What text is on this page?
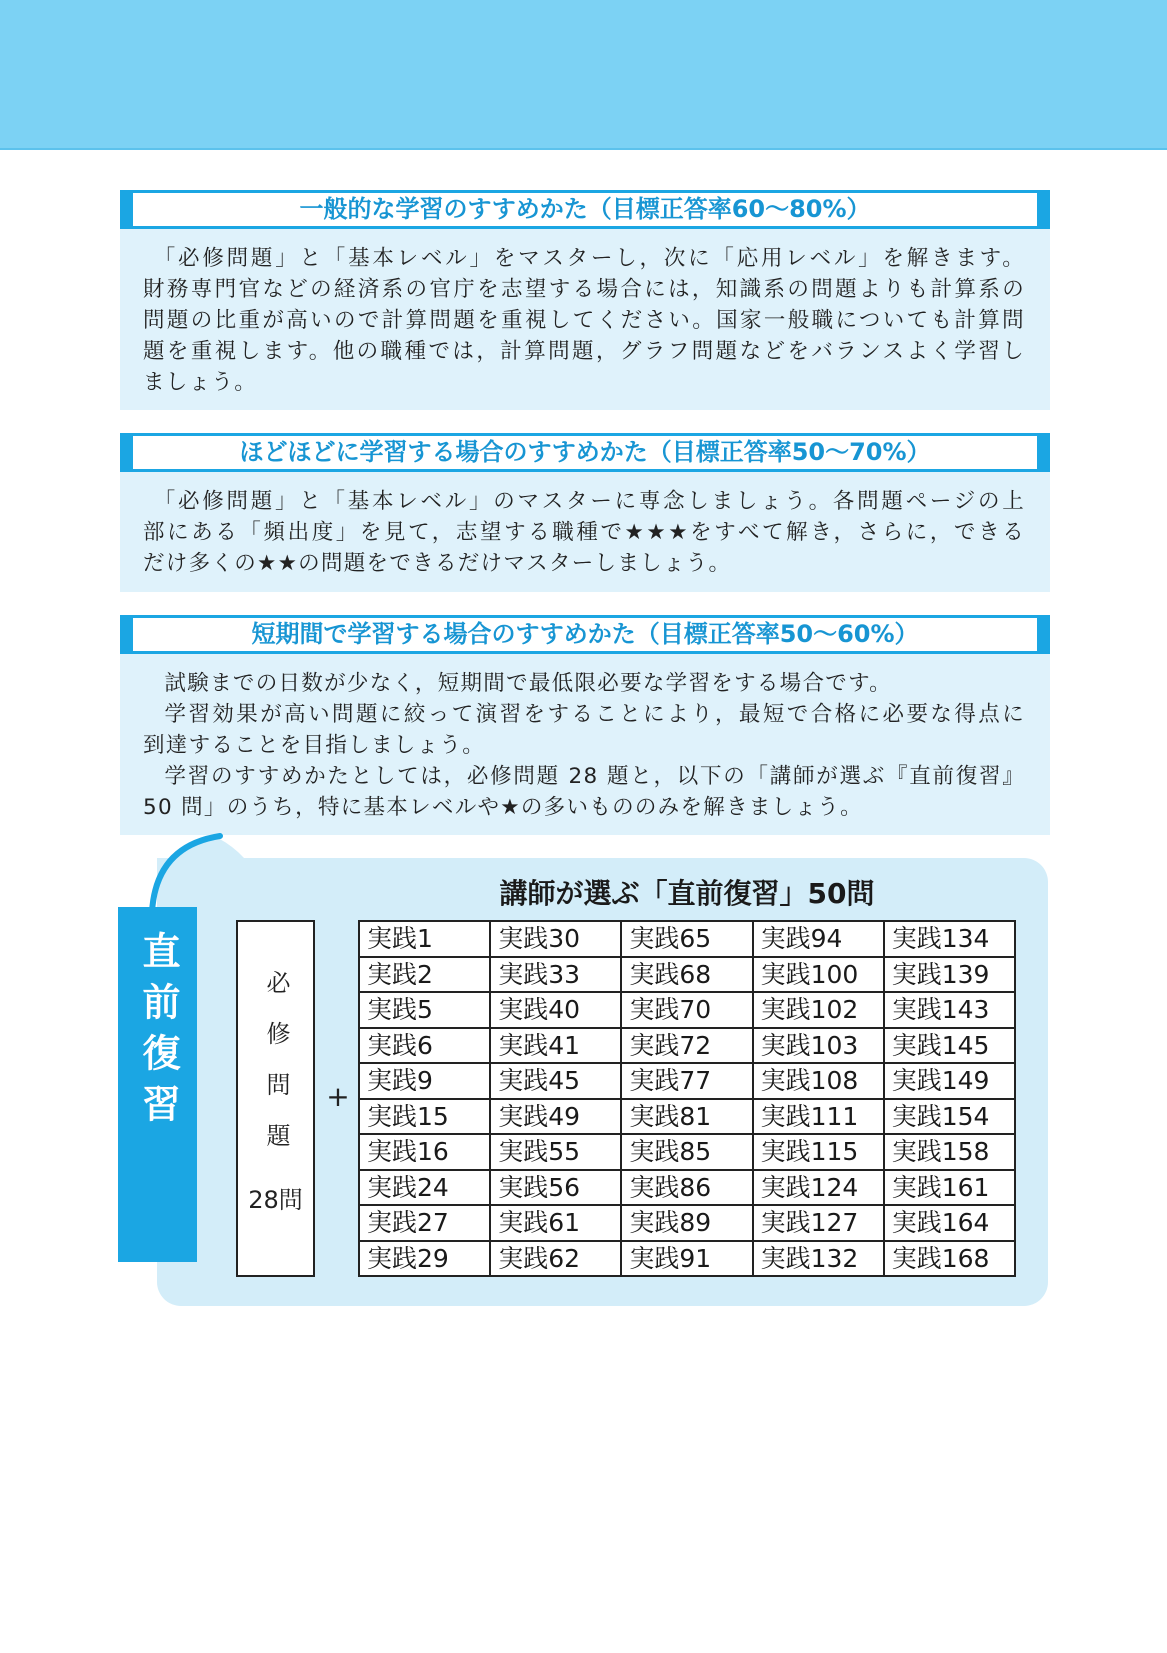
一般的な学習のすすめかた（目標正答率60～80%）
「必修問題」と「基本レベル」をマスターし，次に「応用レベル」を解きます。
財務専門官などの経済系の官庁を志望する場合には，知識系の問題よりも計算系の
問題の比重が高いので計算問題を重視してください。国家一般職についても計算問
題を重視します。他の職種では，計算問題，グラフ問題などをバランスよく学習し
ましょう。
ほどほどに学習する場合のすすめかた（目標正答率50～70%）
「必修問題」と「基本レベル」のマスターに専念しましょう。各問題ページの上
部にある「頻出度」を見て，志望する職種で★★★をすべて解き，さらに，できる
だけ多くの★★の問題をできるだけマスターしましょう。
短期間で学習する場合のすすめかた（目標正答率50～60%）
試験までの日数が少なく，短期間で最低限必要な学習をする場合です。
学習効果が高い問題に絞って演習をすることにより，最短で合格に必要な得点に
到達することを目指しましょう。
学習のすすめかたとしては，必修問題 28 題と，以下の「講師が選ぶ『直前復習』
50 問」のうち，特に基本レベルや★の多いもののみを解きましょう。
直前復習
講師が選ぶ「直前復習」50問
必修問題
28問
+
実践1	実践30	実践65	実践94	実践134
実践2	実践33	実践68	実践100	実践139
実践5	実践40	実践70	実践102	実践143
実践6	実践41	実践72	実践103	実践145
実践9	実践45	実践77	実践108	実践149
実践15	実践49	実践81	実践111	実践154
実践16	実践55	実践85	実践115	実践158
実践24	実践56	実践86	実践124	実践161
実践27	実践61	実践89	実践127	実践164
実践29	実践62	実践91	実践132	実践168
